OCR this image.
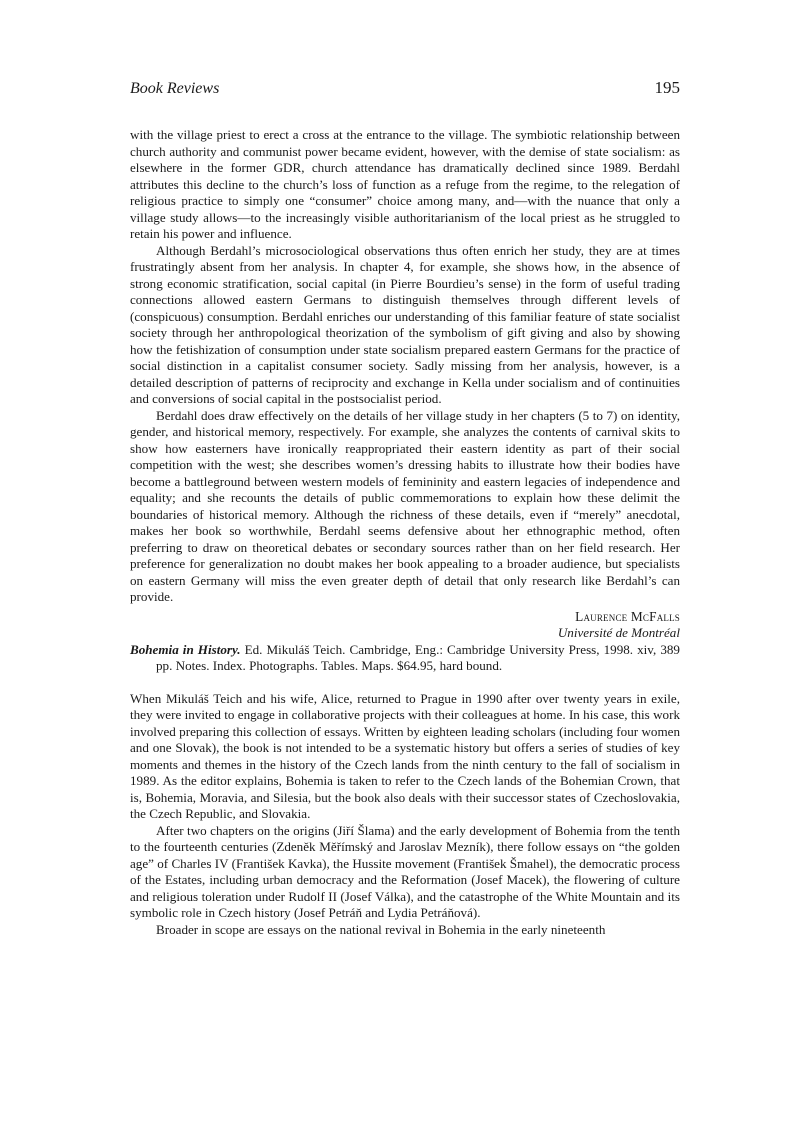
Book Reviews	195

with the village priest to erect a cross at the entrance to the village. The symbiotic relationship between church authority and communist power became evident, however, with the demise of state socialism: as elsewhere in the former GDR, church attendance has dramatically declined since 1989. Berdahl attributes this decline to the church’s loss of function as a refuge from the regime, to the relegation of religious practice to simply one “consumer” choice among many, and—with the nuance that only a village study allows—to the increasingly visible authoritarianism of the local priest as he struggled to retain his power and influence.

Although Berdahl’s microsociological observations thus often enrich her study, they are at times frustratingly absent from her analysis. In chapter 4, for example, she shows how, in the absence of strong economic stratification, social capital (in Pierre Bourdieu’s sense) in the form of useful trading connections allowed eastern Germans to distinguish themselves through different levels of (conspicuous) consumption. Berdahl enriches our understanding of this familiar feature of state socialist society through her anthropological theorization of the symbolism of gift giving and also by showing how the fetishization of consumption under state socialism prepared eastern Germans for the practice of social distinction in a capitalist consumer society. Sadly missing from her analysis, however, is a detailed description of patterns of reciprocity and exchange in Kella under socialism and of continuities and conversions of social capital in the postsocialist period.

Berdahl does draw effectively on the details of her village study in her chapters (5 to 7) on identity, gender, and historical memory, respectively. For example, she analyzes the contents of carnival skits to show how easterners have ironically reappropriated their eastern identity as part of their social competition with the west; she describes women’s dressing habits to illustrate how their bodies have become a battleground between western models of femininity and eastern legacies of independence and equality; and she recounts the details of public commemorations to explain how these delimit the boundaries of historical memory. Although the richness of these details, even if “merely” anecdotal, makes her book so worthwhile, Berdahl seems defensive about her ethnographic method, often preferring to draw on theoretical debates or secondary sources rather than on her field research. Her preference for generalization no doubt makes her book appealing to a broader audience, but specialists on eastern Germany will miss the even greater depth of detail that only research like Berdahl’s can provide.

Laurence McFalls
Université de Montréal

Bohemia in History. Ed. Mikuláš Teich. Cambridge, Eng.: Cambridge University Press, 1998. xiv, 389 pp. Notes. Index. Photographs. Tables. Maps. $64.95, hard bound.

When Mikuláš Teich and his wife, Alice, returned to Prague in 1990 after over twenty years in exile, they were invited to engage in collaborative projects with their colleagues at home. In his case, this work involved preparing this collection of essays. Written by eighteen leading scholars (including four women and one Slovak), the book is not intended to be a systematic history but offers a series of studies of key moments and themes in the history of the Czech lands from the ninth century to the fall of socialism in 1989. As the editor explains, Bohemia is taken to refer to the Czech lands of the Bohemian Crown, that is, Bohemia, Moravia, and Silesia, but the book also deals with their successor states of Czechoslovakia, the Czech Republic, and Slovakia.

After two chapters on the origins (Jiří Šlama) and the early development of Bohemia from the tenth to the fourteenth centuries (Zdeněk Měřímský and Jaroslav Mezník), there follow essays on “the golden age” of Charles IV (František Kavka), the Hussite movement (František Šmahel), the democratic process of the Estates, including urban democracy and the Reformation (Josef Macek), the flowering of culture and religious toleration under Rudolf II (Josef Válka), and the catastrophe of the White Mountain and its symbolic role in Czech history (Josef Petráň and Lydia Petráňová).

Broader in scope are essays on the national revival in Bohemia in the early nineteenth
